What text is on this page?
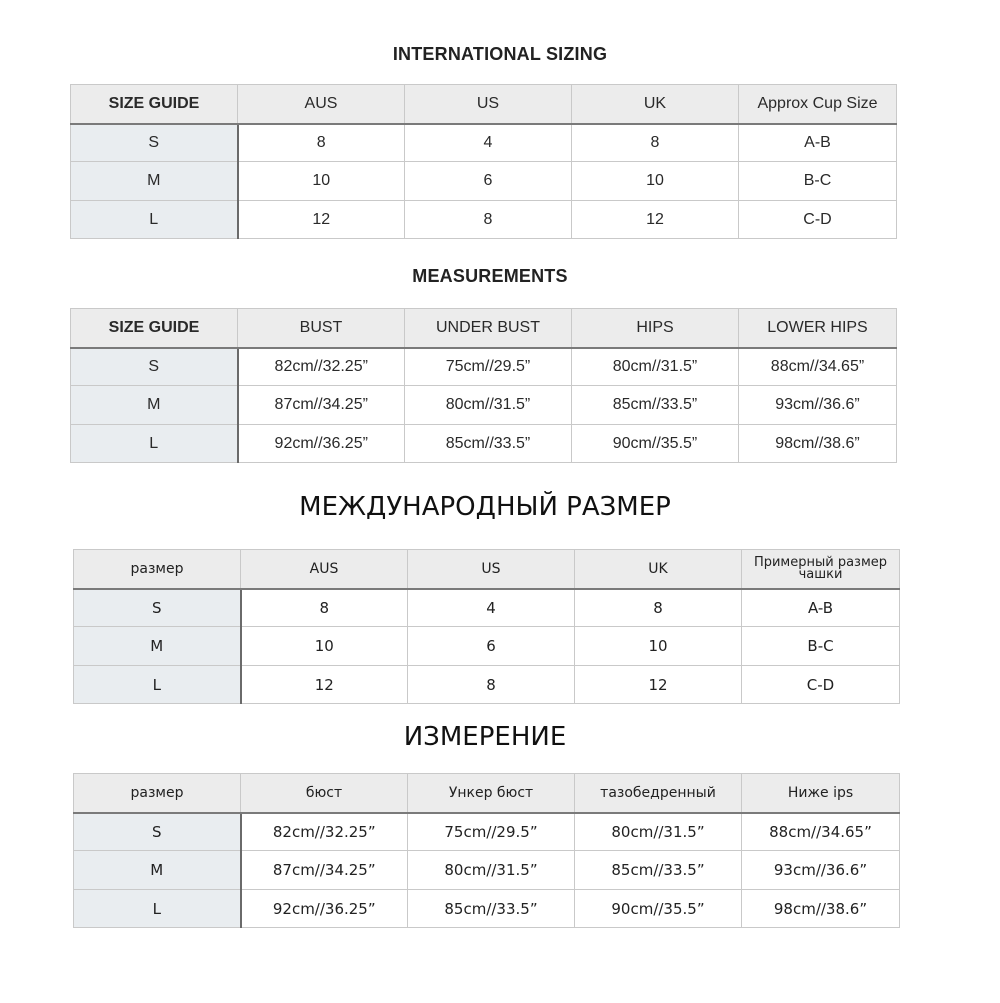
INTERNATIONAL SIZING
SIZE GUIDE	AUS	US	UK	Approx Cup Size
S	8	4	8	A-B
M	10	6	10	B-C
L	12	8	12	C-D
MEASUREMENTS
SIZE GUIDE	BUST	UNDER BUST	HIPS	LOWER HIPS
S	82cm//32.25”	75cm//29.5”	80cm//31.5”	88cm//34.65”
M	87cm//34.25”	80cm//31.5”	85cm//33.5”	93cm//36.6”
L	92cm//36.25”	85cm//33.5”	90cm//35.5”	98cm//38.6”
МЕЖДУНАРОДНЫЙ РАЗМЕР
размер	AUS	US	UK	Примерный размер чашки
S	8	4	8	A-B
M	10	6	10	B-C
L	12	8	12	C-D
ИЗМЕРЕНИЕ
размер	бюст	Ункер бюст	тазобедренный	Ниже ips
S	82cm//32.25”	75cm//29.5”	80cm//31.5”	88cm//34.65”
M	87cm//34.25”	80cm//31.5”	85cm//33.5”	93cm//36.6”
L	92cm//36.25”	85cm//33.5”	90cm//35.5”	98cm//38.6”
